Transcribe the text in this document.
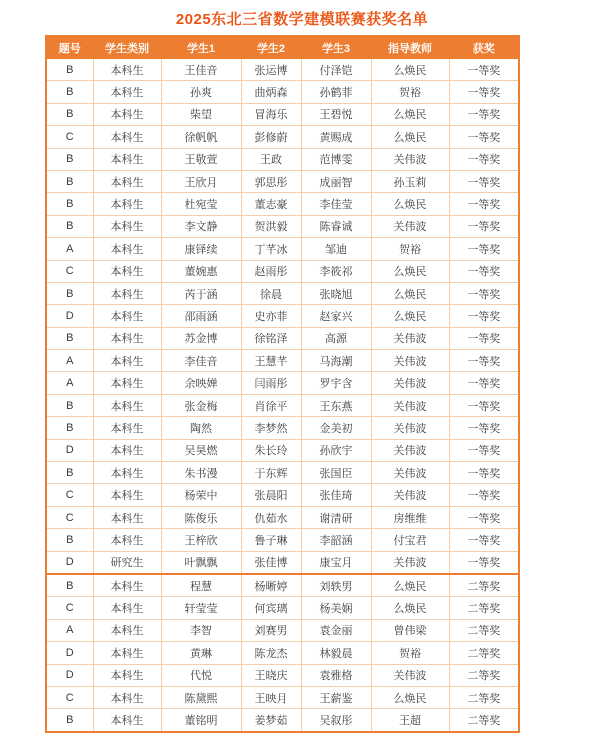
2025东北三省数学建模联赛获奖名单
题号	学生类别	学生1	学生2	学生3	指导教师	获奖
B	本科生	王佳音	张运博	付泽铠	么焕民	一等奖
B	本科生	孙爽	曲炳森	孙鹤菲	贺裕	一等奖
B	本科生	柴望	冒海乐	王碧悦	么焕民	一等奖
C	本科生	徐帆帆	彭修蔚	黄赐成	么焕民	一等奖
B	本科生	王敬萱	王政	范博雯	关伟波	一等奖
B	本科生	王欣月	郭思彤	成丽智	孙玉莉	一等奖
B	本科生	杜宛莹	董志豪	李佳莹	么焕民	一等奖
B	本科生	李文静	贺洪毅	陈睿诚	关伟波	一等奖
A	本科生	康铎续	丁芊冰	邹迪	贺裕	一等奖
C	本科生	董婉惠	赵雨彤	李筱祁	么焕民	一等奖
B	本科生	芮于涵	徐晨	张晓旭	么焕民	一等奖
D	本科生	邵雨涵	史亦菲	赵家兴	么焕民	一等奖
B	本科生	苏金博	徐铭泽	高源	关伟波	一等奖
A	本科生	李佳音	王慧芊	马海潮	关伟波	一等奖
A	本科生	余映婵	闫雨彤	罗宇含	关伟波	一等奖
B	本科生	张金梅	肖徐平	王东燕	关伟波	一等奖
B	本科生	陶然	李梦然	金美初	关伟波	一等奖
D	本科生	吴昊燃	朱长玲	孙欣宇	关伟波	一等奖
B	本科生	朱书漫	于东辉	张国臣	关伟波	一等奖
C	本科生	杨荣中	张晨阳	张佳琦	关伟波	一等奖
C	本科生	陈俊乐	仇茹水	谢清研	房维维	一等奖
B	本科生	王梓欣	鲁子琳	李韶涵	付宝君	一等奖
D	研究生	叶飘飘	张佳博	康宝月	关伟波	一等奖
B	本科生	程慧	杨晰婷	刘轶男	么焕民	二等奖
C	本科生	轩莹莹	何宾璃	杨美娴	么焕民	二等奖
A	本科生	李智	刘赛男	袁金丽	曾伟梁	二等奖
D	本科生	黄琳	陈龙杰	林毅晨	贺裕	二等奖
D	本科生	代悦	王晓庆	袁雅格	关伟波	二等奖
C	本科生	陈黛熙	王映月	王薪鉴	么焕民	二等奖
B	本科生	董铭明	姜梦茹	吴叙彤	王超	二等奖
